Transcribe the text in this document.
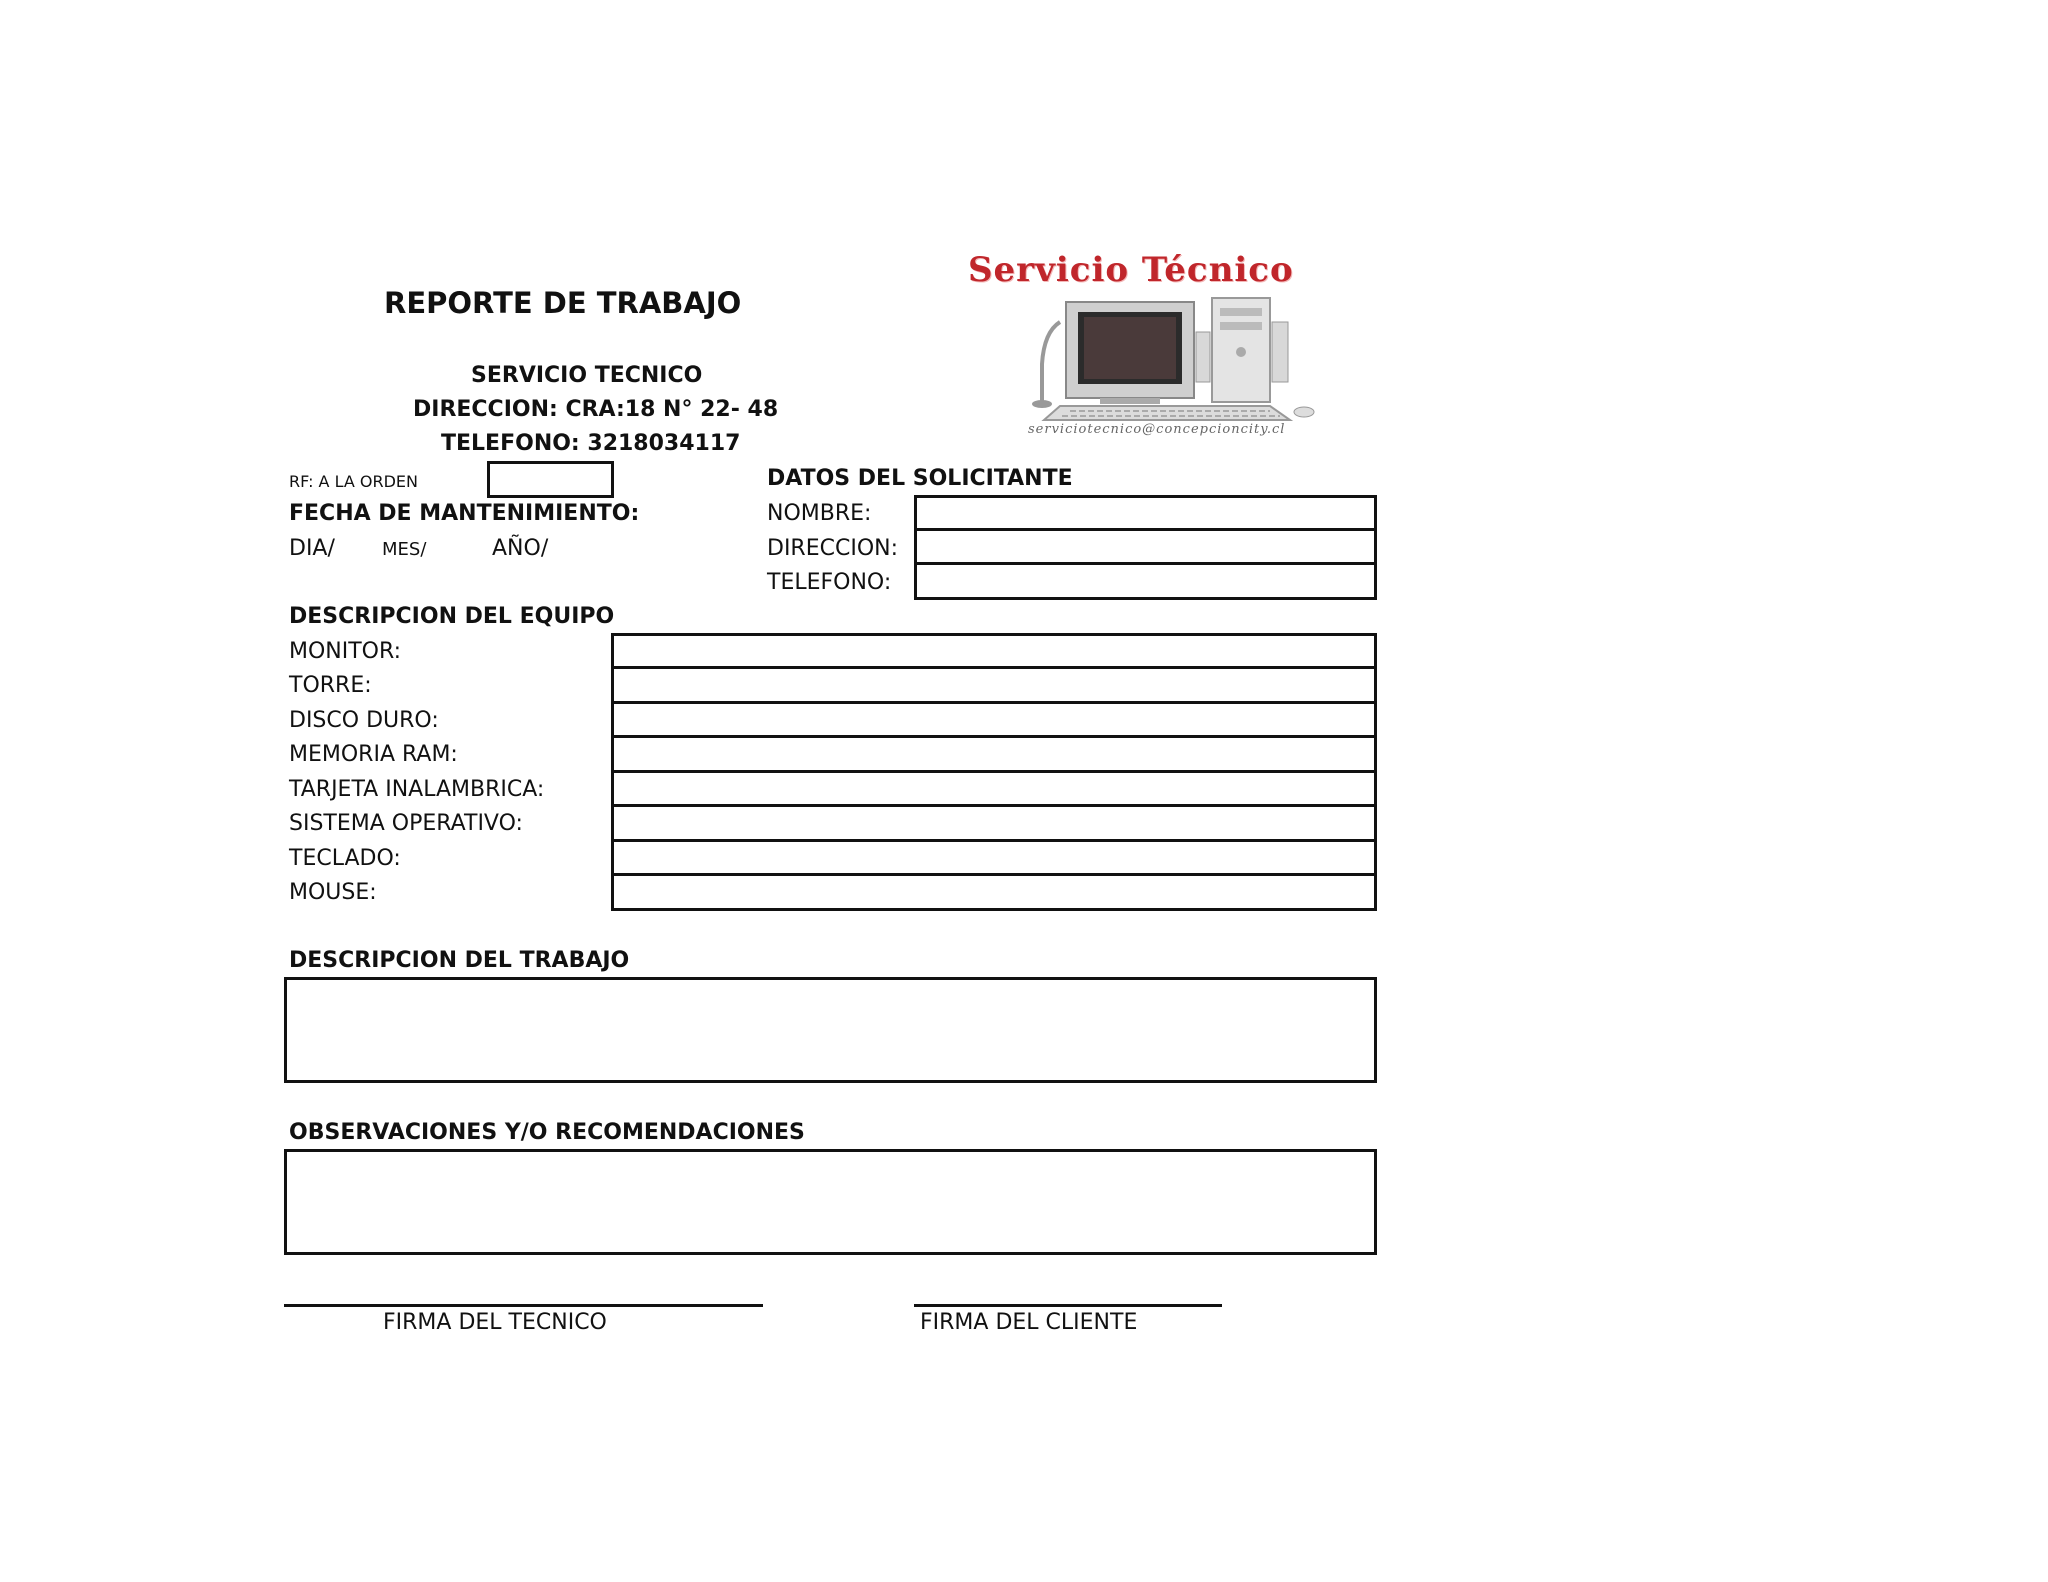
REPORTE DE TRABAJO
SERVICIO TECNICO
DIRECCION: CRA:18 N° 22- 48
TELEFONO: 3218034117
Servicio Técnico
serviciotecnico@concepcioncity.cl
RF: A LA ORDEN
FECHA DE MANTENIMIENTO:
DIA/	MES/	AÑO/
DATOS DEL SOLICITANTE
NOMBRE:
DIRECCION:
TELEFONO:
DESCRIPCION DEL EQUIPO
MONITOR:
TORRE:
DISCO DURO:
MEMORIA RAM:
TARJETA INALAMBRICA:
SISTEMA OPERATIVO:
TECLADO:
MOUSE:
DESCRIPCION DEL TRABAJO
OBSERVACIONES Y/O RECOMENDACIONES
FIRMA DEL TECNICO	FIRMA DEL CLIENTE
